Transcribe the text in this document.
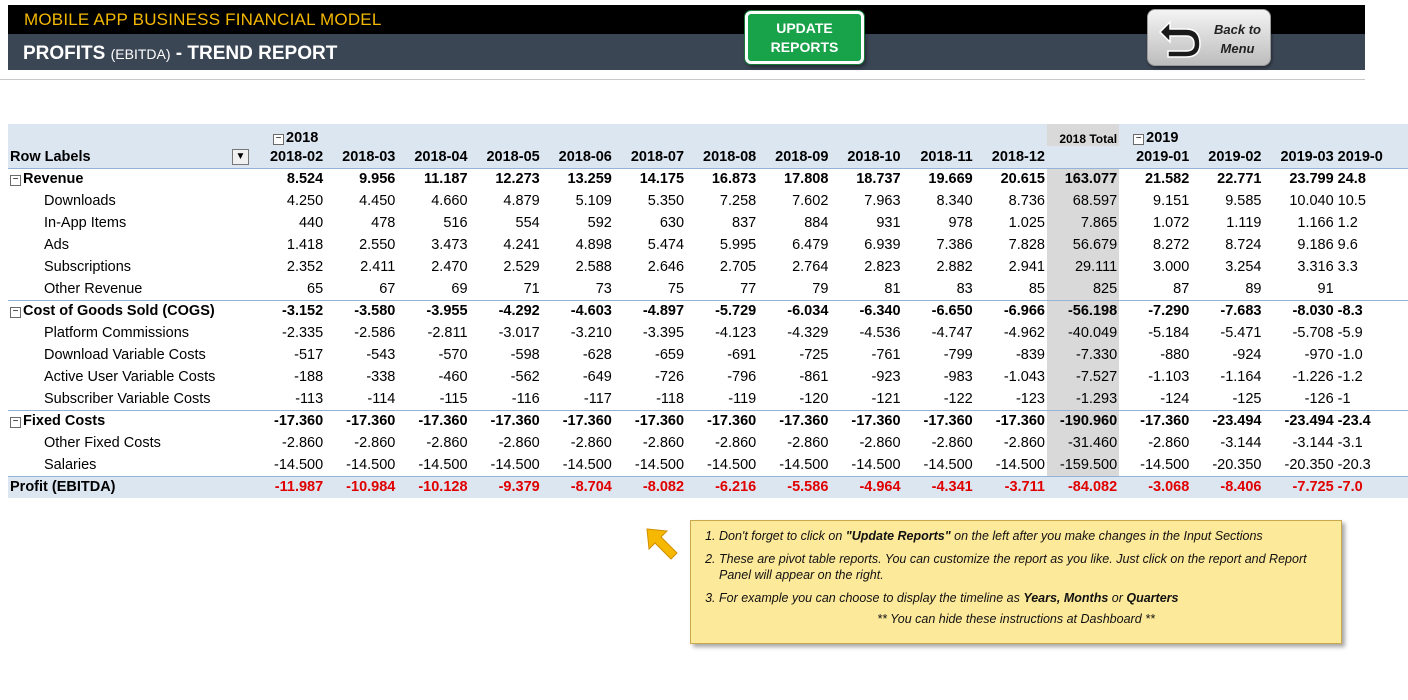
MOBILE APP BUSINESS FINANCIAL MODEL
PROFITS (EBITDA) - TREND REPORT
UPDATE
REPORTS
Back to
Menu
	− 2018											2018 Total	− 2019			
Row Labels ▼	2018-02	2018-03	2018-04	2018-05	2018-06	2018-07	2018-08	2018-09	2018-10	2018-11	2018-12		2019-01	2019-02	2019-03	2019-0
− Revenue	8.524	9.956	11.187	12.273	13.259	14.175	16.873	17.808	18.737	19.669	20.615	163.077	21.582	22.771	23.799	24.8
Downloads	4.250	4.450	4.660	4.879	5.109	5.350	7.258	7.602	7.963	8.340	8.736	68.597	9.151	9.585	10.040	10.5
In-App Items	440	478	516	554	592	630	837	884	931	978	1.025	7.865	1.072	1.119	1.166	1.2
Ads	1.418	2.550	3.473	4.241	4.898	5.474	5.995	6.479	6.939	7.386	7.828	56.679	8.272	8.724	9.186	9.6
Subscriptions	2.352	2.411	2.470	2.529	2.588	2.646	2.705	2.764	2.823	2.882	2.941	29.111	3.000	3.254	3.316	3.3
Other Revenue	65	67	69	71	73	75	77	79	81	83	85	825	87	89	91	
− Cost of Goods Sold (COGS)	-3.152	-3.580	-3.955	-4.292	-4.603	-4.897	-5.729	-6.034	-6.340	-6.650	-6.966	-56.198	-7.290	-7.683	-8.030	-8.3
Platform Commissions	-2.335	-2.586	-2.811	-3.017	-3.210	-3.395	-4.123	-4.329	-4.536	-4.747	-4.962	-40.049	-5.184	-5.471	-5.708	-5.9
Download Variable Costs	-517	-543	-570	-598	-628	-659	-691	-725	-761	-799	-839	-7.330	-880	-924	-970	-1.0
Active User Variable Costs	-188	-338	-460	-562	-649	-726	-796	-861	-923	-983	-1.043	-7.527	-1.103	-1.164	-1.226	-1.2
Subscriber Variable Costs	-113	-114	-115	-116	-117	-118	-119	-120	-121	-122	-123	-1.293	-124	-125	-126	-1
− Fixed Costs	-17.360	-17.360	-17.360	-17.360	-17.360	-17.360	-17.360	-17.360	-17.360	-17.360	-17.360	-190.960	-17.360	-23.494	-23.494	-23.4
Other Fixed Costs	-2.860	-2.860	-2.860	-2.860	-2.860	-2.860	-2.860	-2.860	-2.860	-2.860	-2.860	-31.460	-2.860	-3.144	-3.144	-3.1
Salaries	-14.500	-14.500	-14.500	-14.500	-14.500	-14.500	-14.500	-14.500	-14.500	-14.500	-14.500	-159.500	-14.500	-20.350	-20.350	-20.3
Profit (EBITDA)	-11.987	-10.984	-10.128	-9.379	-8.704	-8.082	-6.216	-5.586	-4.964	-4.341	-3.711	-84.082	-3.068	-8.406	-7.725	-7.0
1. Don't forget to click on "Update Reports" on the left after you make changes in the Input Sections
2. These are pivot table reports. You can customize the report as you like. Just click on the report and Report Panel will appear on the right.
3. For example you can choose to display the timeline as Years, Months or Quarters
** You can hide these instructions at Dashboard **
